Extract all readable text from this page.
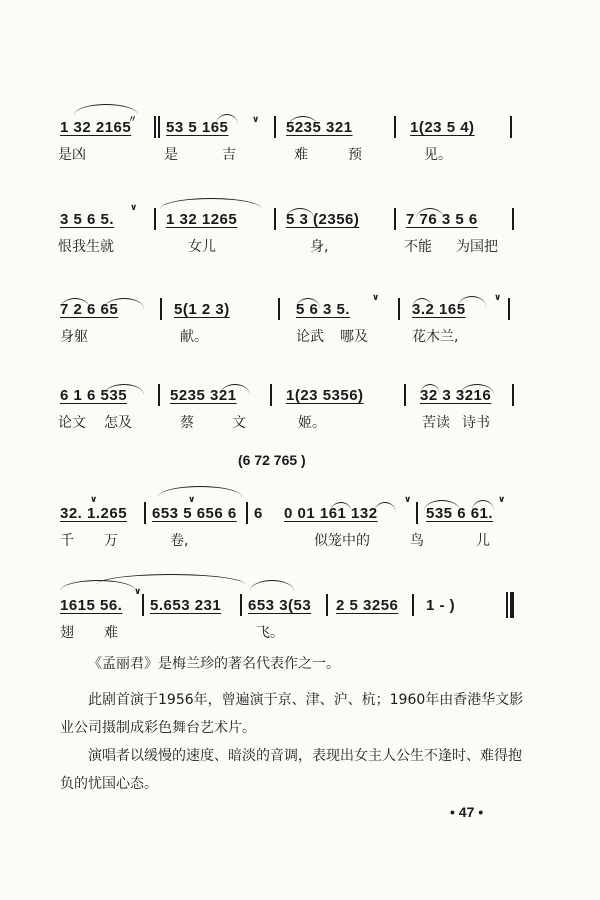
〃	∨
1 32 2165 53 5 165	5235 321	1(23 5 4)
是凶	是	吉	难	预	见。
∨
3 5 6 5.	1 32 1265	5 3 (2356)	7 76 3 5 6
恨我生就	女儿	身,	不能 为国把
∨	∨
7 2 6 65	5(1 2 3)	5 6 3 5.	3.2 165
身躯	献。	论武 哪及	花木兰,
6 1 6 535	5235 321	1(23 5356)	32 3 3216
论文 怎及	蔡	文	姬。	苦读 诗书
(6 72 765 )
∨	∨	∨	∨
32. 1.265 653 5 656 6 6 0 01 161 132	535 6 61.
千 万	卷,	似笼中的	鸟	儿
∨
1615 56. 5.653 231 653 3(53 2 5 3256 1 - )
翅 难	飞。

《孟丽君》是梅兰珍的著名代表作之一。

此剧首演于1956年，曾遍演于京、津、沪、杭；1960年由香港华文影业公司摄制成彩色舞台艺术片。

演唱者以缓慢的速度、暗淡的音调，表现出女主人公生不逢时、难得抱负的忧国心态。

• 47 •
